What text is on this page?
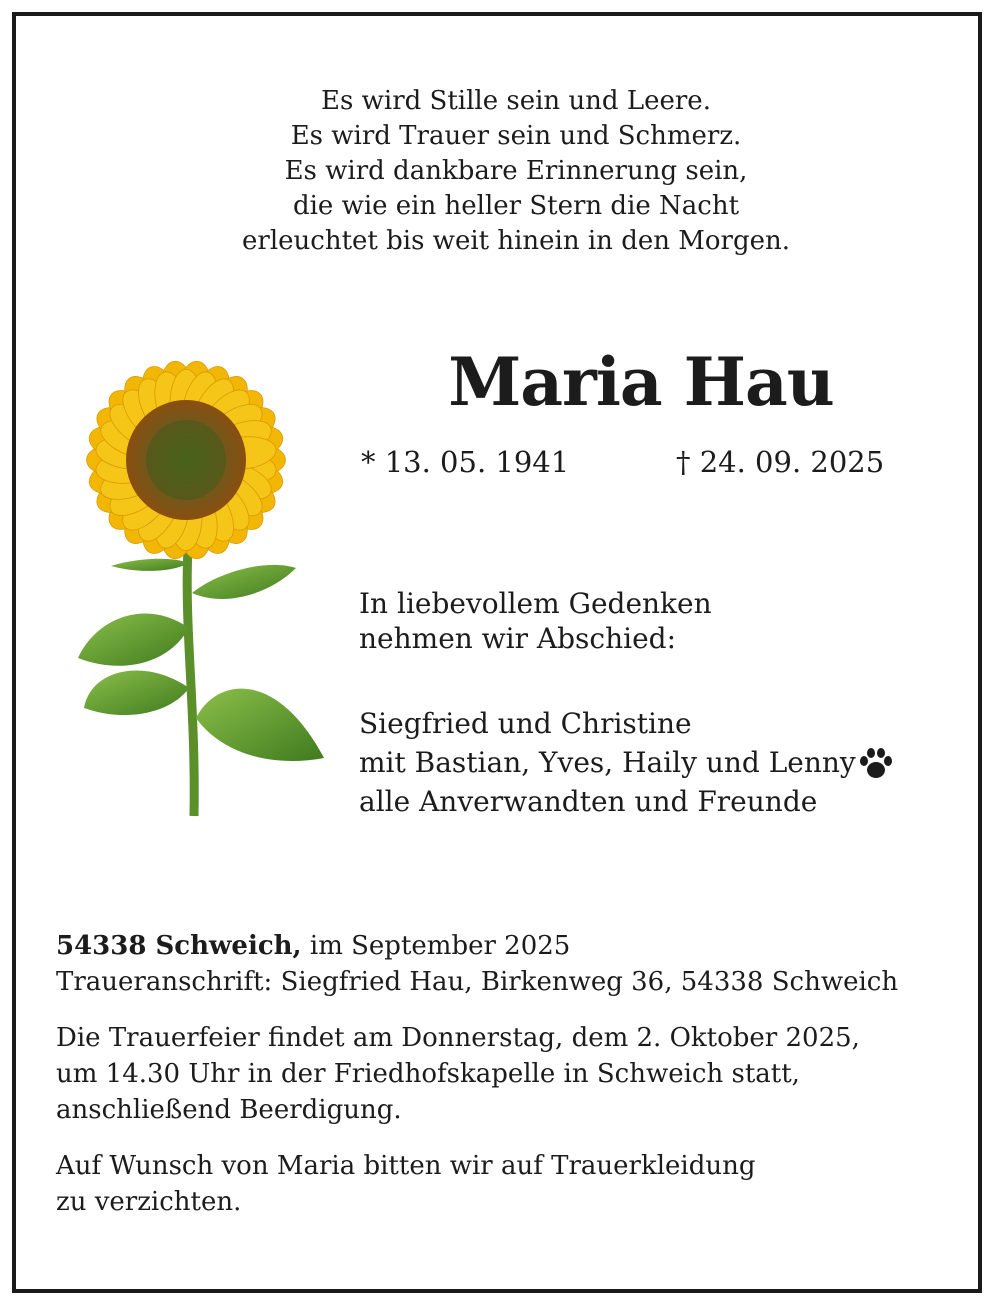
Es wird Stille sein und Leere.
Es wird Trauer sein und Schmerz.
Es wird dankbare Erinnerung sein,
die wie ein heller Stern die Nacht
erleuchtet bis weit hinein in den Morgen.
Maria Hau
* 13. 05. 1941	† 24. 09. 2025
In liebevollem Gedenken
nehmen wir Abschied:
Siegfried und Christine
mit Bastian, Yves, Haily und Lenny
alle Anverwandten und Freunde

54338 Schweich, im September 2025
Traueranschrift: Siegfried Hau, Birkenweg 36, 54338 Schweich

Die Trauerfeier findet am Donnerstag, dem 2. Oktober 2025,
um 14.30 Uhr in der Friedhofskapelle in Schweich statt,
anschließend Beerdigung.

Auf Wunsch von Maria bitten wir auf Trauerkleidung
zu verzichten.
